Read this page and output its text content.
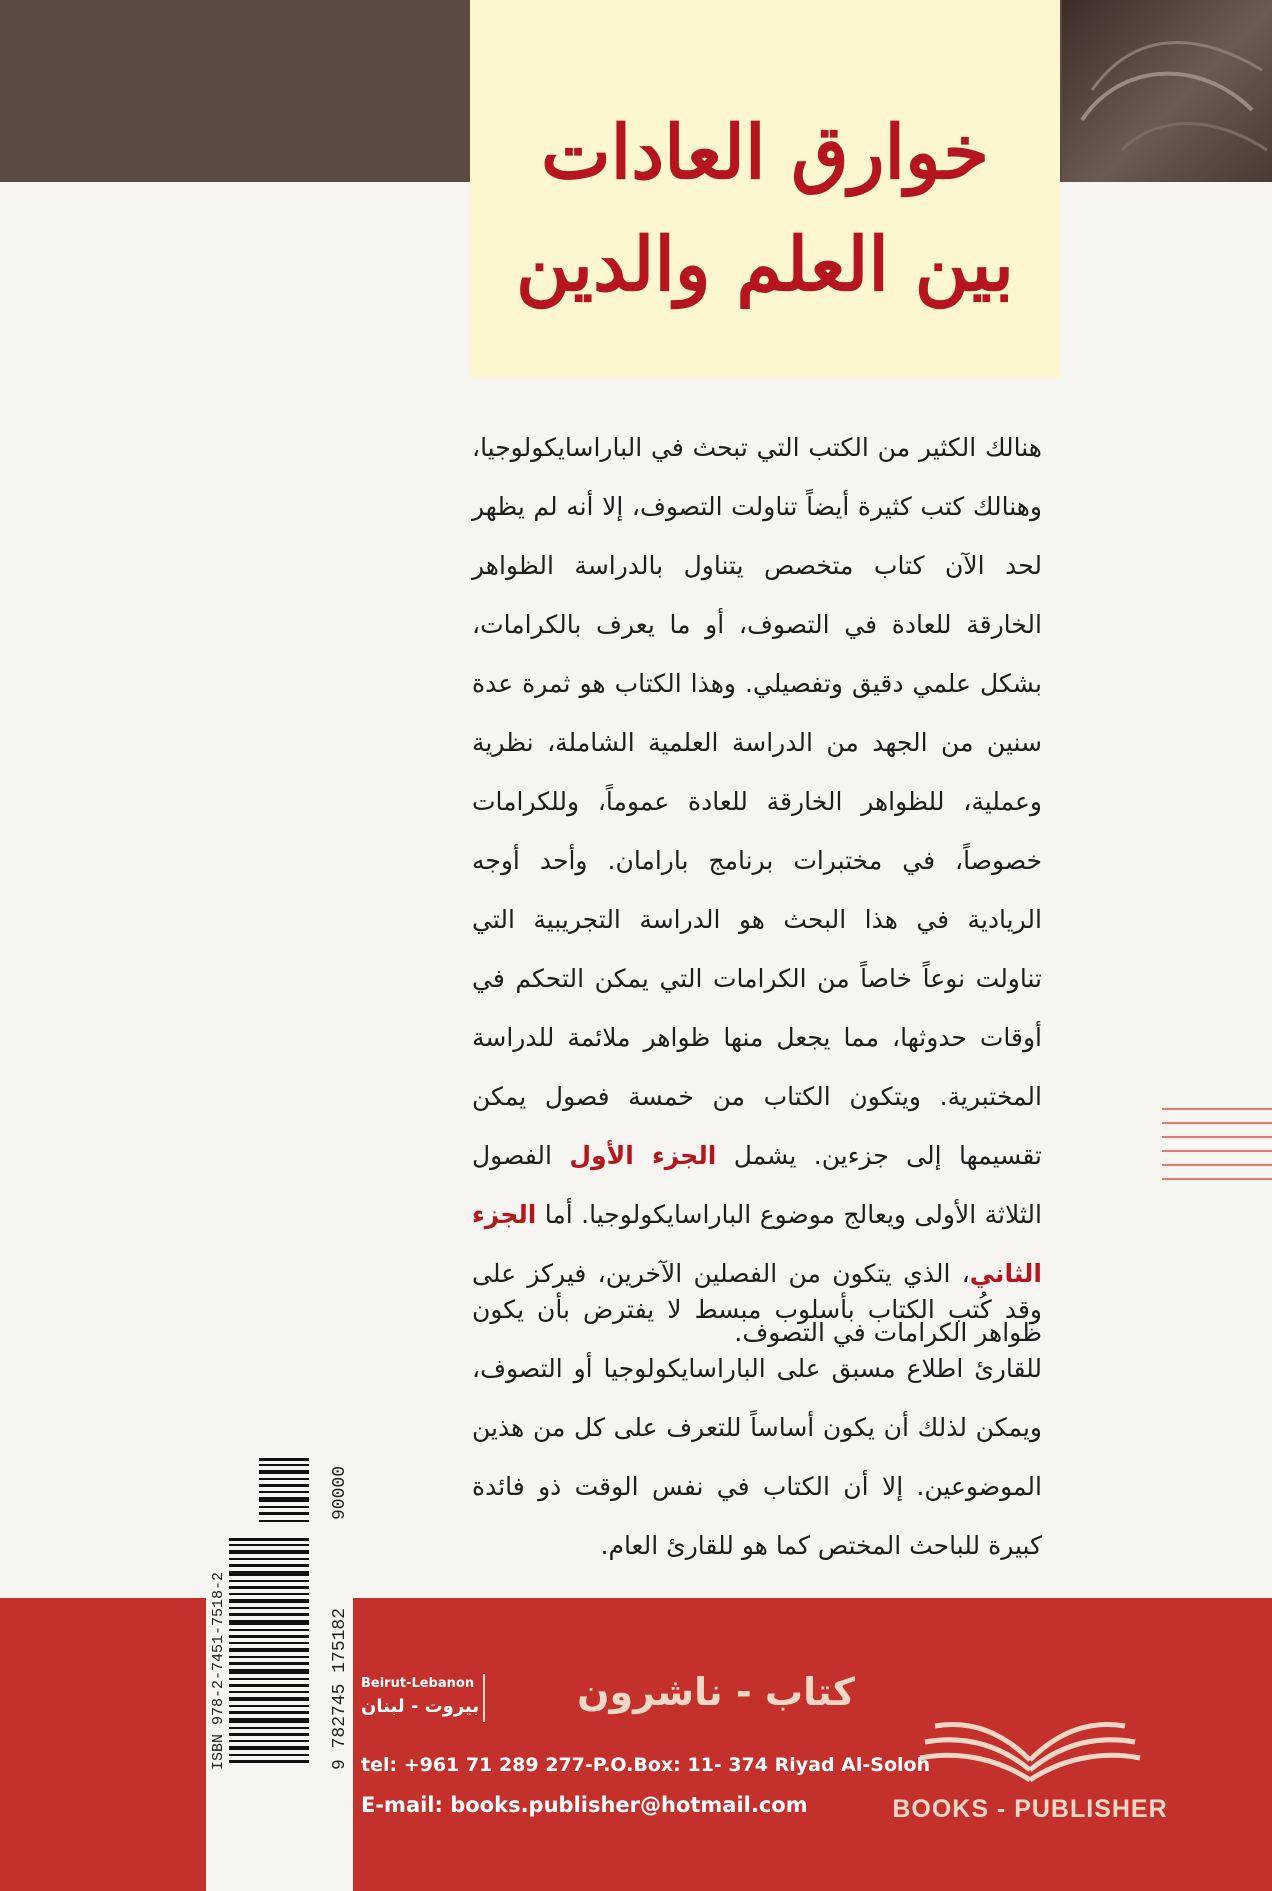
خوارق العادات
بين العلم والدين
هنالك الكثير من الكتب التي تبحث في الباراسايكولوجيا، وهنالك كتب كثيرة أيضاً تناولت التصوف، إلا أنه لم يظهر لحد الآن كتاب متخصص يتناول بالدراسة الظواهر الخارقة للعادة في التصوف، أو ما يعرف بالكرامات، بشكل علمي دقيق وتفصيلي. وهذا الكتاب هو ثمرة عدة سنين من الجهد من الدراسة العلمية الشاملة، نظرية وعملية، للظواهر الخارقة للعادة عموماً، وللكرامات خصوصاً، في مختبرات برنامج بارامان. وأحد أوجه الريادية في هذا البحث هو الدراسة التجريبية التي تناولت نوعاً خاصاً من الكرامات التي يمكن التحكم في أوقات حدوثها، مما يجعل منها ظواهر ملائمة للدراسة المختبرية. ويتكون الكتاب من خمسة فصول يمكن تقسيمها إلى جزءين. يشمل الجزء الأول الفصول الثلاثة الأولى ويعالج موضوع الباراسايكولوجيا. أما الجزء الثاني، الذي يتكون من الفصلين الآخرين، فيركز على ظواهر الكرامات في التصوف.
وقد كُتب الكتاب بأسلوب مبسط لا يفترض بأن يكون للقارئ اطلاع مسبق على الباراسايكولوجيا أو التصوف، ويمكن لذلك أن يكون أساساً للتعرف على كل من هذين الموضوعين. إلا أن الكتاب في نفس الوقت ذو فائدة كبيرة للباحث المختص كما هو للقارئ العام.
ISBN 978-2-7451-7518-2	9 782745 175182
90000
كتاب - ناشرون
Beirut-Lebanon
بيروت - لبنان
tel: +961 71 289 277-P.O.Box: 11- 374 Riyad Al-Soloh
E-mail: books.publisher@hotmail.com	BOOKS - PUBLISHER
